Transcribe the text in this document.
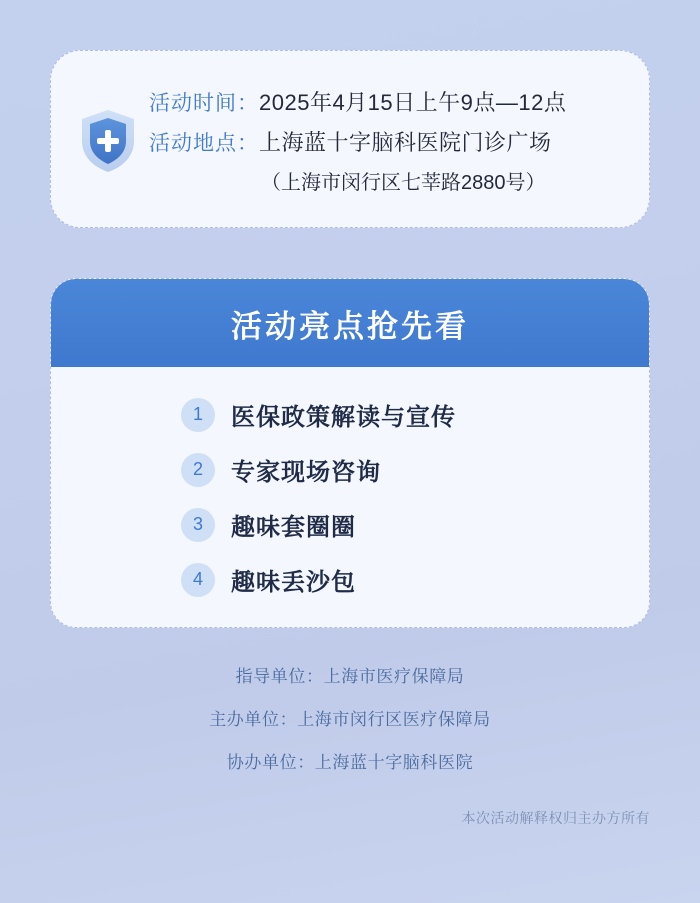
活动时间 ： 2025年4月15日上午9点—12点
活动地点 ： 上海蓝十字脑科医院门诊广场
（上海市闵行区七莘路2880号）
活动亮点抢先看
1	医保政策解读与宣传
2	专家现场咨询
3	趣味套圈圈
4	趣味丢沙包
指导单位：上海市医疗保障局
主办单位：上海市闵行区医疗保障局
协办单位：上海蓝十字脑科医院
本次活动解释权归主办方所有
